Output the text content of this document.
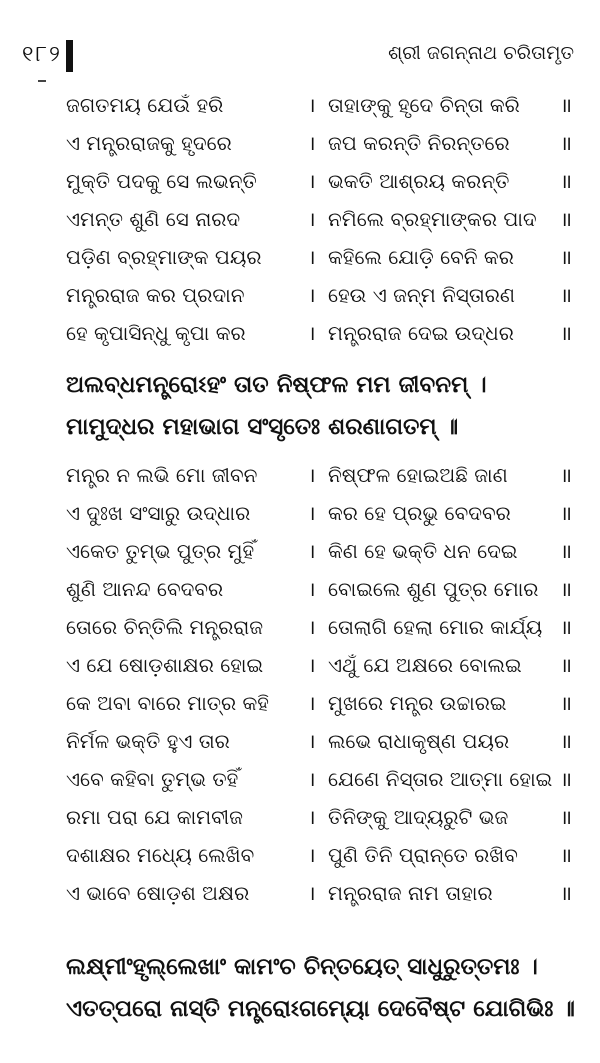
୧୮୨	ଶ୍ରୀ ଜଗନ୍ନାଥ ଚରିତାମୃତ
ଜଗତମୟ ଯେଉଁ ହରି	। ତାହାଙ୍କୁ ହୃଦେ ଚିନ୍ତା କରି ॥
ଏ ମନ୍ତ୍ରରାଜକୁ ହୃଦରେ	। ଜପ କରନ୍ତି ନିରନ୍ତରେ	॥
ମୁକ୍ତି ପଦକୁ ସେ ଲଭନ୍ତି	। ଭକତି ଆଶ୍ରୟ କରନ୍ତି	॥
ଏମନ୍ତ ଶୁଣି ସେ ନାରଦ	। ନମିଲେ ବ୍ରହ୍ମାଙ୍କର ପାଦ ॥
ପଡ଼ିଣ ବ୍ରହ୍ମାଙ୍କ ପୟର । କହିଲେ ଯୋଡ଼ି ବେନି କର ॥
ମନ୍ତ୍ରରାଜ କର ପ୍ରଦାନ	। ହେଉ ଏ ଜନ୍ମ ନିସ୍ତାରଣ ॥
ହେ କୃପାସିନ୍ଧୁ କୃପା କର	। ମନ୍ତ୍ରରାଜ ଦେଇ ଉଦ୍ଧର ॥
ଅଲବ୍ଧମନ୍ତ୍ରୋଽହଂ ତାତ ନିଷ୍ଫଳ ମମ ଜୀବନମ୍ ।
ମାମୁଦ୍ଧର ମହାଭାଗ ସଂସୃତେଃ ଶରଣାଗତମ୍ ॥
ମନ୍ତ୍ର ନ ଲଭି ମୋ ଜୀବନ	। ନିଷ୍ଫଳ ହୋଇଅଛି ଜାଣ	॥
ଏ ଦୁଃଖ ସଂସାରୁ ଉଦ୍ଧାର	। କର ହେ ପ୍ରଭୁ ବେଦବର ॥
ଏକେତ ତୁମ୍ଭ ପୁତ୍ର ମୁହିଁ	। କିଣ ହେ ଭକ୍ତି ଧନ ଦେଇ ॥
ଶୁଣି ଆନନ୍ଦ ବେଦବର	। ବୋଇଲେ ଶୁଣ ପୁତ୍ର ମୋର ॥
ତୋରେ ଚିନ୍ତିଲି ମନ୍ତ୍ରରାଜ । ତୋଲାଗି ହେଲା ମୋର କାର୍ଯ୍ୟ ॥
ଏ ଯେ ଷୋଡ଼ଶାକ୍ଷର ହୋଇ । ଏଥୁଁ ଯେ ଅକ୍ଷରେ ବୋଲଇ ॥
କେ ଅବା ବାରେ ମାତ୍ର କହି । ମୁଖରେ ମନ୍ତ୍ର ଉଚ୍ଚାରଇ	॥
ନିର୍ମଳ ଭକ୍ତି ହୁଏ ତାର	। ଲଭେ ରାଧାକୃଷ୍ଣ ପୟର	॥
ଏବେ କହିବା ତୁମ୍ଭ ତହିଁ	। ଯେଣେ ନିସ୍ତାର ଆତ୍ମା ହୋଇ ॥
ରମା ପରା ଯେ କାମବୀଜ	। ତିନିଙ୍କୁ ଆଦ୍ୟରୁଟି ଭଜ	॥
ଦଶାକ୍ଷର ମଧ୍ୟେ ଲେଖିବ	। ପୁଣି ତିନି ପ୍ରାନ୍ତେ ରଖିବ ॥
ଏ ଭାବେ ଷୋଡ଼ଶ ଅକ୍ଷର	। ମନ୍ତ୍ରରାଜ ନାମ ତାହାର	॥
ଲକ୍ଷ୍ମୀଂହୃଲ୍ଲେଖାଂ କାମଂଚ ଚିନ୍ତୟେତ୍ ସାଧୁରୁତ୍ତମଃ ।
ଏତତ୍‌ପରୋ ନାସ୍ତି ମନ୍ତ୍ରୋଽଗମ୍ୟୋ ଦେବୈଷ୍ଟ ଯୋଗିଭିଃ ॥
